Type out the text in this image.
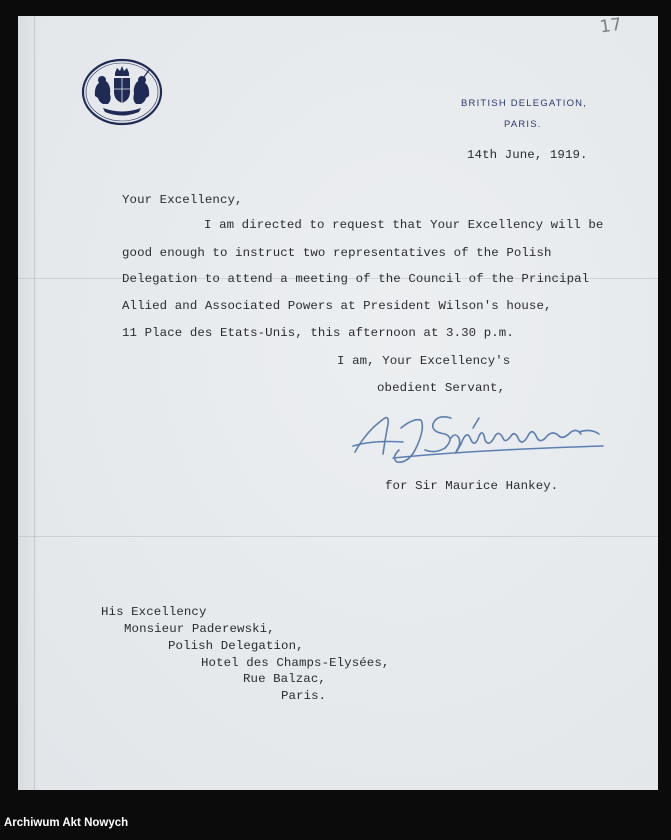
17
BRITISH DELEGATION,
PARIS.
14th June, 1919.
Your Excellency,
I am directed to request that Your Excellency will be
good enough to instruct two representatives of the Polish
Delegation to attend a meeting of the Council of the Principal
Allied and Associated Powers at President Wilson's house,
11 Place des Etats-Unis, this afternoon at 3.30 p.m.
I am, Your Excellency's
obedient Servant,
for Sir Maurice Hankey.
His Excellency
Monsieur Paderewski,
Polish Delegation,
Hotel des Champs-Elysées,
Rue Balzac,
Paris.
Archiwum Akt Nowych
